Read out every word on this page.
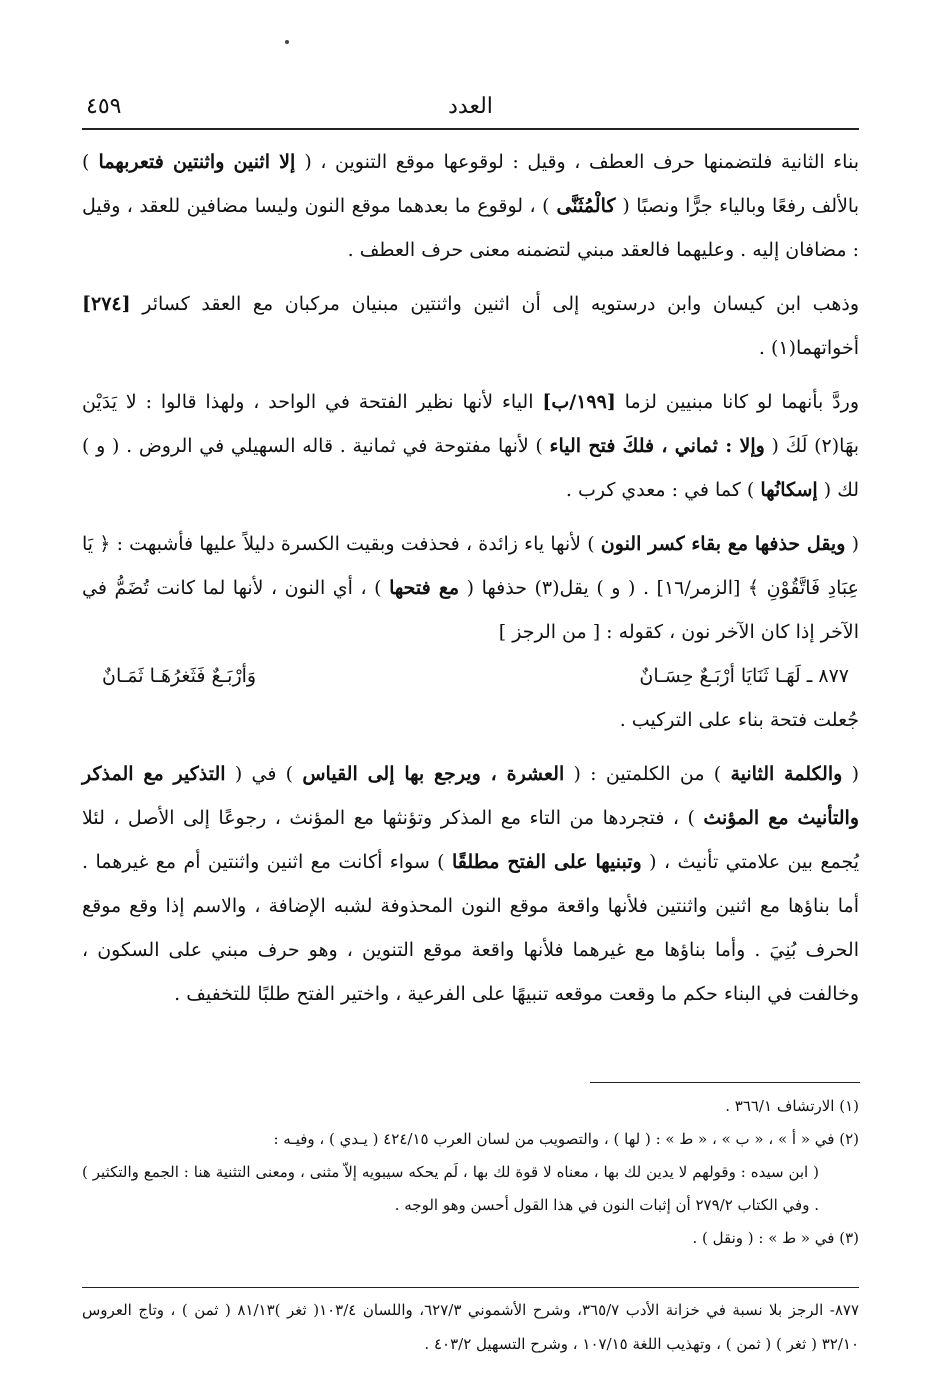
العدد
٤٥٩

بناء الثانية فلتضمنها حرف العطف ، وقيل : لوقوعها موقع التنوين ، ( إلا اثنين واثنتين فتعربهما ) بالألف رفعًا وبالياء جرًّا ونصبًا ( كالْمُثَنَّى ) ، لوقوع ما بعدهما موقع النون وليسا مضافين للعقد ، وقيل : مضافان إليه . وعليهما فالعقد مبني لتضمنه معنى حرف العطف .

وذهب ابن كيسان وابن درستويه إلى أن اثنين واثنتين مبنيان مركبان مع العقد كسائر [٢٧٤] أخواتهما(١) .

وردَّ بأنهما لو كانا مبنيين لزما [١٩٩/ب] الياء لأنها نظير الفتحة في الواحد ، ولهذا قالوا : لا يَدَيْن بهَا(٢) لَكَ ( وإلا : ثماني ، فلكَ فتح الياء ) لأنها مفتوحة في ثمانية . قاله السهيلي في الروض . ( و ) لك ( إسكانُها ) كما في : معدي كرب .

( ويقل حذفها مع بقاء كسر النون ) لأنها ياء زائدة ، فحذفت وبقيت الكسرة دليلاً عليها فأشبهت : ﴿ يَا عِبَادِ فَاتَّقُوْنِ ﴾ [الزمر/١٦] . ( و ) يقل(٣) حذفها ( مع فتحها ) ، أي النون ، لأنها لما كانت تُضَمُّ في الآخر إذا كان الآخر نون ، كقوله : [ من الرجز ]

٨٧٧ ـ لَهَـا ثَنَايَا أرْبَـعٌ حِسَـانٌ
وَأرْبَـعٌ فَثَغرُهَـا ثَمَـانٌ

جُعلت فتحة بناء على التركيب .

( والكلمة الثانية ) من الكلمتين : ( العشرة ، ويرجع بها إلى القياس ) في ( التذكير مع المذكر والتأنيث مع المؤنث ) ، فتجردها من التاء مع المذكر وتؤنثها مع المؤنث ، رجوعًا إلى الأصل ، لئلا يُجمع بين علامتي تأنيث ، ( وتبنيها على الفتح مطلقًا ) سواء أكانت مع اثنين واثنتين أم مع غيرهما . أما بناؤها مع اثنين واثنتين فلأنها واقعة موقع النون المحذوفة لشبه الإضافة ، والاسم إذا وقع موقع الحرف بُنِيَ . وأما بناؤها مع غيرهما فلأنها واقعة موقع التنوين ، وهو حرف مبني على السكون ، وخالفت في البناء حكم ما وقعت موقعه تنبيهًا على الفرعية ، واختير الفتح طلبًا للتخفيف .

(١) الارتشاف ٣٦٦/١ .

(٢) في « أ » ، « ب » ، « ط » : ( لها ) ، والتصويب من لسان العرب ٤٢٤/١٥ ( يـدي ) ، وفيـه :

( ابن سيده : وقولهم لا يدين لك بها ، معناه لا قوة لك بها ، لَم يحكه سيبويه إلاّ مثنى ، ومعنى التثنية هنا : الجمع والتكثير ) . وفي الكتاب ٢٧٩/٢ أن إثبات النون في هذا القول أحسن وهو الوجه .

(٣) في « ط » : ( ونقل ) .

٨٧٧- الرجز بلا نسبة في خزانة الأدب ٣٦٥/٧، وشرح الأشموني ٦٢٧/٣، واللسان ١٠٣/٤( ثغر )٨١/١٣ ( ثمن ) ، وتاج العروس ٣٢/١٠ ( ثغر ) ( ثمن ) ، وتهذيب اللغة ١٠٧/١٥ ، وشرح التسهيل ٤٠٣/٢ .
